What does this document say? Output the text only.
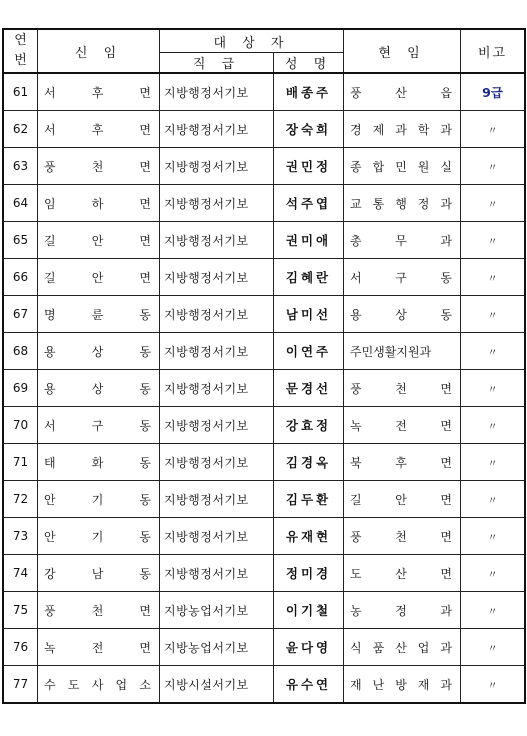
연
번	신 임	대 상 자		현 임	비고
		직 급	성 명		
61	서 후 면	지방행정서기보	배종주	풍 산 읍	9급
62	서 후 면	지방행정서기보	장숙희	경 제 과 학 과	〃
63	풍 천 면	지방행정서기보	권민정	종 합 민 원 실	〃
64	임 하 면	지방행정서기보	석주엽	교 통 행 정 과	〃
65	길 안 면	지방행정서기보	권미애	총 무 과	〃
66	길 안 면	지방행정서기보	김혜란	서 구 동	〃
67	명 륜 동	지방행정서기보	남미선	용 상 동	〃
68	용 상 동	지방행정서기보	이연주	주민생활지원과	〃
69	용 상 동	지방행정서기보	문경선	풍 천 면	〃
70	서 구 동	지방행정서기보	강효정	녹 전 면	〃
71	태 화 동	지방행정서기보	김경옥	북 후 면	〃
72	안 기 동	지방행정서기보	김두환	길 안 면	〃
73	안 기 동	지방행정서기보	유재현	풍 천 면	〃
74	강 남 동	지방행정서기보	정미경	도 산 면	〃
75	풍 천 면	지방농업서기보	이기철	농 정 과	〃
76	녹 전 면	지방농업서기보	윤다영	식 품 산 업 과	〃
77	수 도 사 업 소	지방시설서기보	유수연	재 난 방 재 과	〃
